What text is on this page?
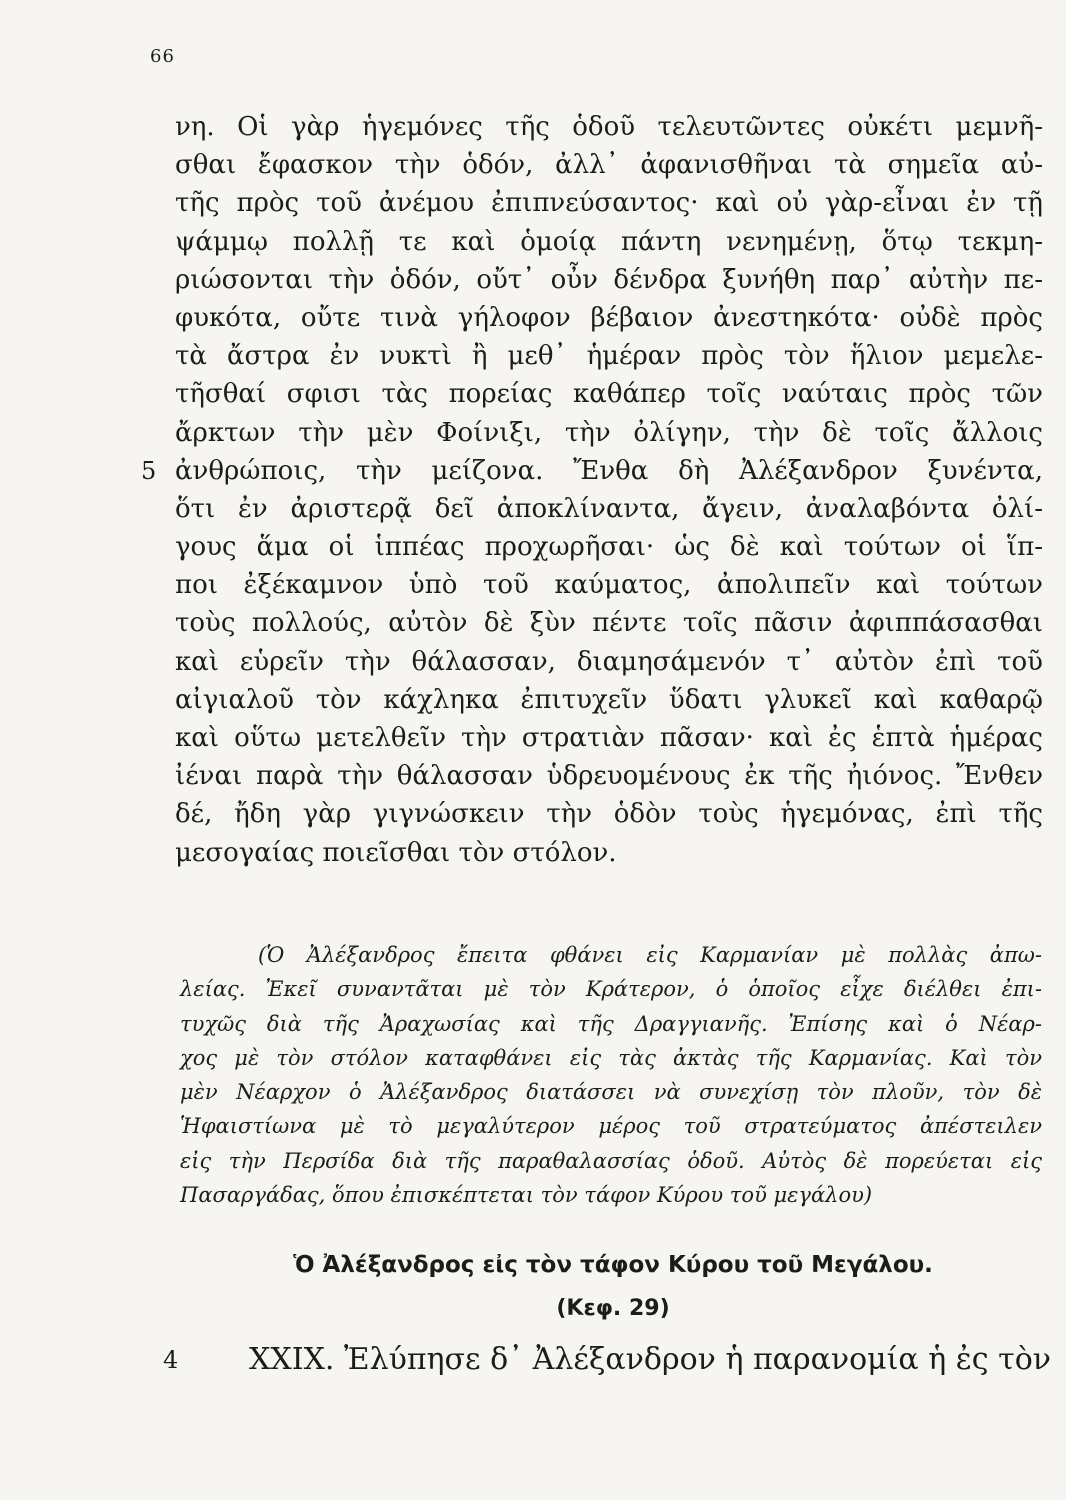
66
νη. Οἱ γὰρ ἡγεμόνες τῆς ὁδοῦ τελευτῶντες οὐκέτι μεμνῆ-
σθαι ἔφασκον τὴν ὁδόν, ἀλλ᾽ ἀφανισθῆναι τὰ σημεῖα αὐ-
τῆς πρὸς τοῦ ἀνέμου ἐπιπνεύσαντος· καὶ οὐ γὰρ-εἶναι ἐν τῇ
ψάμμῳ πολλῇ τε καὶ ὁμοίᾳ πάντη νενημένῃ, ὅτῳ τεκμη-
ριώσονται τὴν ὁδόν, οὔτ᾽ οὖν δένδρα ξυνήθη παρ᾽ αὐτὴν πε-
φυκότα, οὔτε τινὰ γήλοφον βέβαιον ἀνεστηκότα· οὐδὲ πρὸς
τὰ ἄστρα ἐν νυκτὶ ἢ μεθ᾽ ἡμέραν πρὸς τὸν ἥλιον μεμελε-
τῆσθαί σφισι τὰς πορείας καθάπερ τοῖς ναύταις πρὸς τῶν
ἄρκτων τὴν μὲν Φοίνιξι, τὴν ὀλίγην, τὴν δὲ τοῖς ἄλλοις
5 ἀνθρώποις, τὴν μείζονα. Ἔνθα δὴ Ἀλέξανδρον ξυνέντα,
ὅτι ἐν ἀριστερᾷ δεῖ ἀποκλίναντα, ἄγειν, ἀναλαβόντα ὀλί-
γους ἅμα οἱ ἱππέας προχωρῆσαι· ὡς δὲ καὶ τούτων οἱ ἵπ-
ποι ἐξέκαμνον ὑπὸ τοῦ καύματος, ἀπολιπεῖν καὶ τούτων
τοὺς πολλούς, αὐτὸν δὲ ξὺν πέντε τοῖς πᾶσιν ἀφιππάσασθαι
καὶ εὑρεῖν τὴν θάλασσαν, διαμησάμενόν τ᾽ αὐτὸν ἐπὶ τοῦ
αἰγιαλοῦ τὸν κάχληκα ἐπιτυχεῖν ὕδατι γλυκεῖ καὶ καθαρῷ
καὶ οὕτω μετελθεῖν τὴν στρατιὰν πᾶσαν· καὶ ἐς ἑπτὰ ἡμέρας
ἰέναι παρὰ τὴν θάλασσαν ὑδρευομένους ἐκ τῆς ἠιόνος. Ἔνθεν
δέ, ἤδη γὰρ γιγνώσκειν τὴν ὁδὸν τοὺς ἡγεμόνας, ἐπὶ τῆς
μεσογαίας ποιεῖσθαι τὸν στόλον.
(Ὁ Ἀλέξανδρος ἔπειτα φθάνει εἰς Καρμανίαν μὲ πολλὰς ἀπω-
λείας. Ἐκεῖ συναντᾶται μὲ τὸν Κράτερον, ὁ ὁποῖος εἶχε διέλθει ἐπι-
τυχῶς διὰ τῆς Ἀραχωσίας καὶ τῆς Δραγγιανῆς. Ἐπίσης καὶ ὁ Νέαρ-
χος μὲ τὸν στόλον καταφθάνει εἰς τὰς ἀκτὰς τῆς Καρμανίας. Καὶ τὸν
μὲν Νέαρχον ὁ Ἀλέξανδρος διατάσσει νὰ συνεχίσῃ τὸν πλοῦν, τὸν δὲ
Ἡφαιστίωνα μὲ τὸ μεγαλύτερον μέρος τοῦ στρατεύματος ἀπέστειλεν
εἰς τὴν Περσίδα διὰ τῆς παραθαλασσίας ὁδοῦ. Αὐτὸς δὲ πορεύεται εἰς
Πασαργάδας, ὅπου ἐπισκέπτεται τὸν τάφον Κύρου τοῦ μεγάλου)
Ὁ Ἀλέξανδρος εἰς τὸν τάφον Κύρου τοῦ Μεγάλου.
(Κεφ. 29)
4 XXIX. Ἐλύπησε δ᾽ Ἀλέξανδρον ἡ παρανομία ἡ ἐς τὸν
